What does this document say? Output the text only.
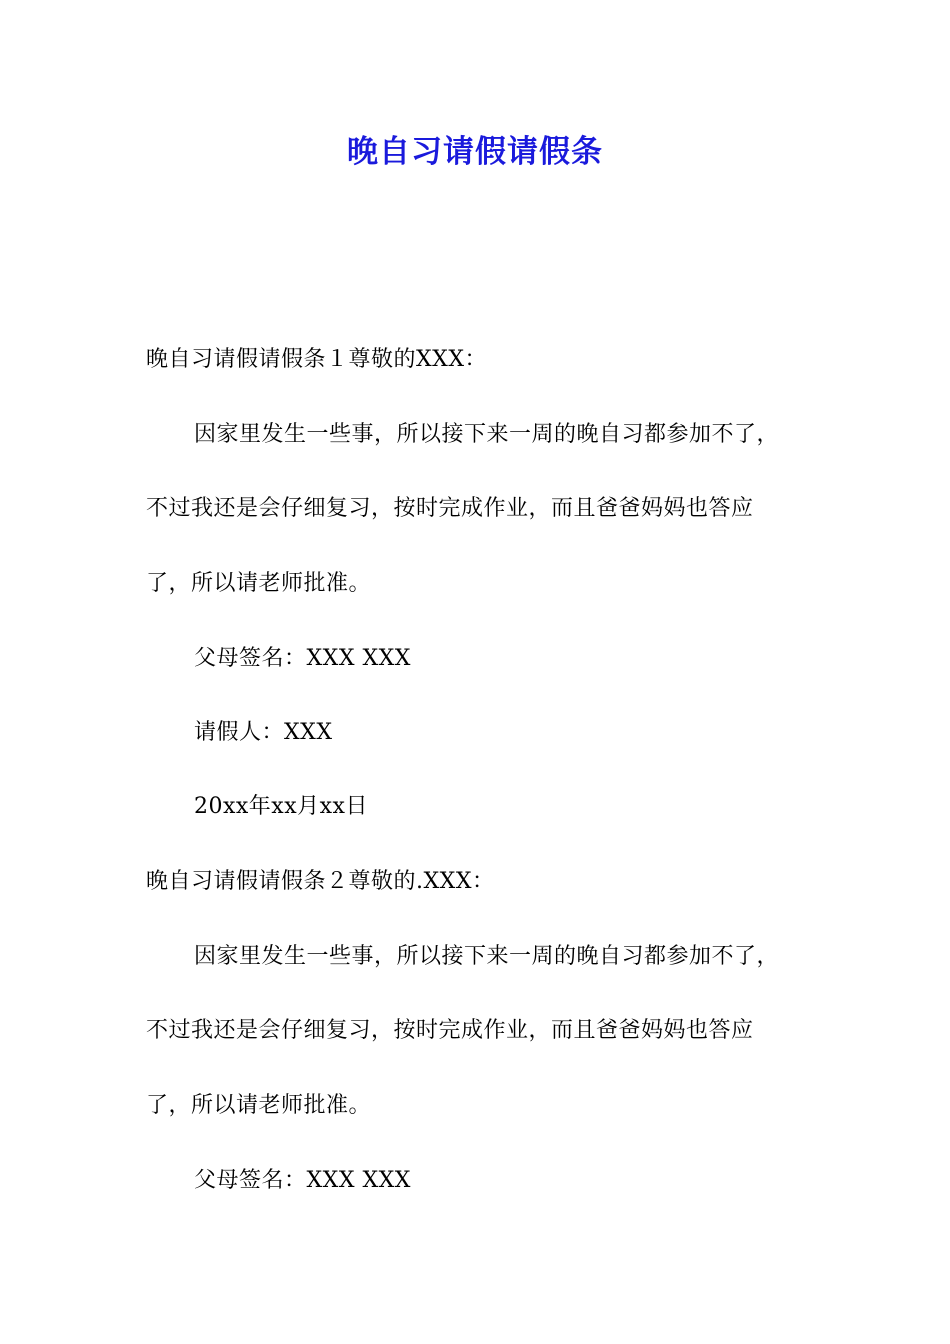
晚自习请假请假条
晚自习请假请假条１尊敬的XXX：
因家里发生一些事，所以接下来一周的晚自习都参加不了，
不过我还是会仔细复习，按时完成作业，而且爸爸妈妈也答应
了，所以请老师批准。
父母签名：XXX XXX
请假人：XXX
20xx年xx月xx日
晚自习请假请假条２尊敬的.XXX：
因家里发生一些事，所以接下来一周的晚自习都参加不了，
不过我还是会仔细复习，按时完成作业，而且爸爸妈妈也答应
了，所以请老师批准。
父母签名：XXX XXX
